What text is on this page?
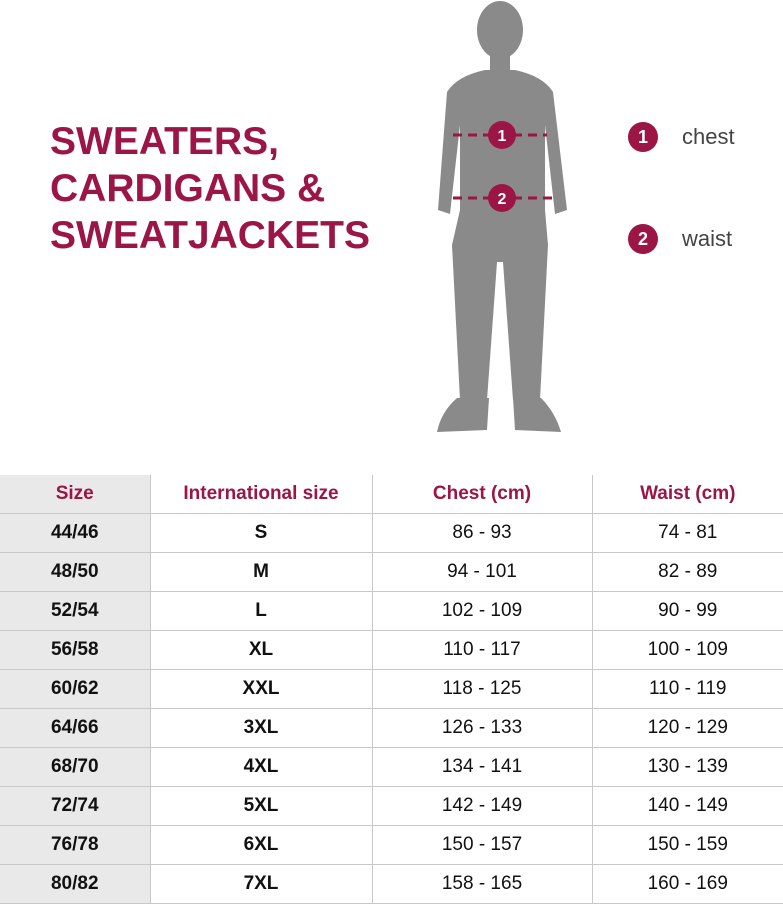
SWEATERS,
CARDIGANS &
SWEATJACKETS
1
2
1	chest
2	waist
Size	International size	Chest (cm)	Waist (cm)
44/46	S	86 - 93	74 - 81
48/50	M	94 - 101	82 - 89
52/54	L	102 - 109	90 - 99
56/58	XL	110 - 117	100 - 109
60/62	XXL	118 - 125	110 - 119
64/66	3XL	126 - 133	120 - 129
68/70	4XL	134 - 141	130 - 139
72/74	5XL	142 - 149	140 - 149
76/78	6XL	150 - 157	150 - 159
80/82	7XL	158 - 165	160 - 169
